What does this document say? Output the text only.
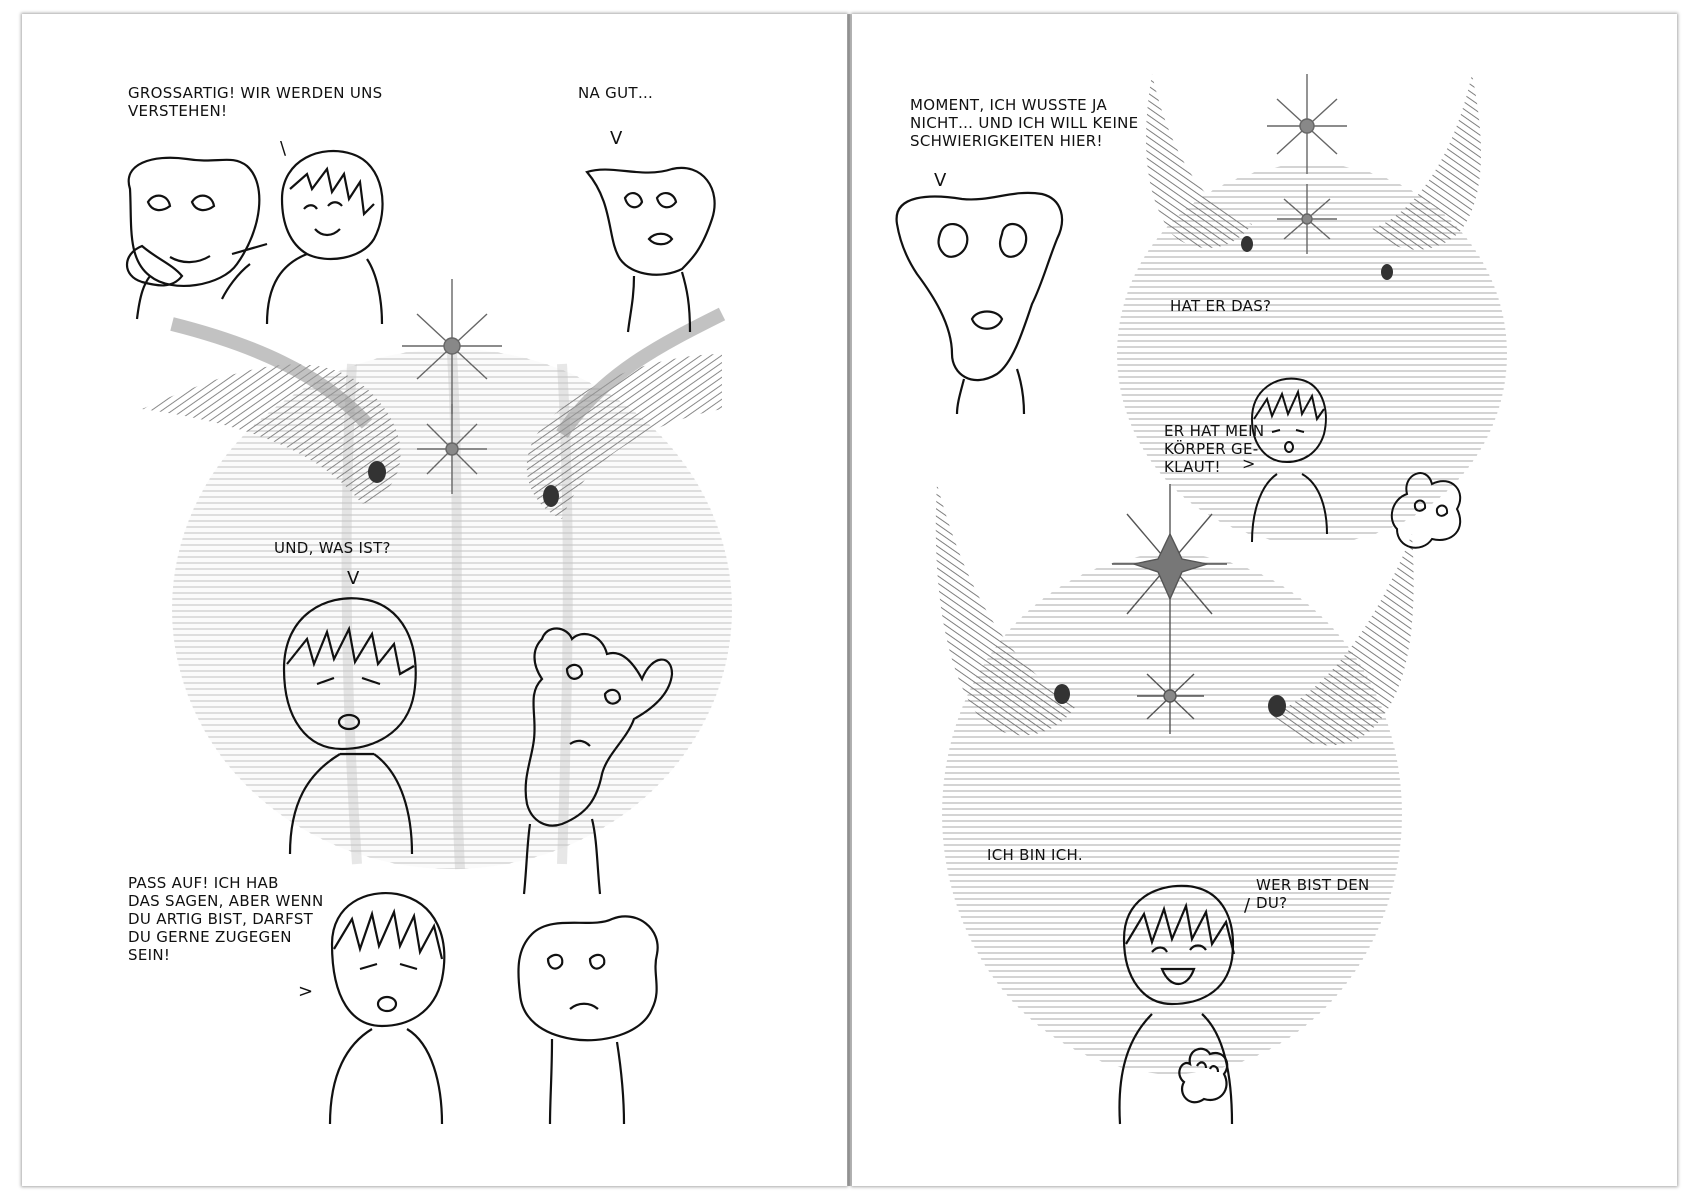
\	V
V
>

GROSSARTIG! WIR WERDEN UNS
VERSTEHEN!

NA GUT…

UND, WAS IST?

PASS AUF! ICH HAB
DAS SAGEN, ABER WENN
DU ARTIG BIST, DARFST
DU GERNE ZUGEGEN
SEIN!

V
>
/

MOMENT, ICH WUSSTE JA
NICHT… UND ICH WILL KEINE
SCHWIERIGKEITEN HIER!

HAT ER DAS?

ER HAT MEIN
KÖRPER GE-
KLAUT!

ICH BIN ICH.

WER BIST DEN
DU?
